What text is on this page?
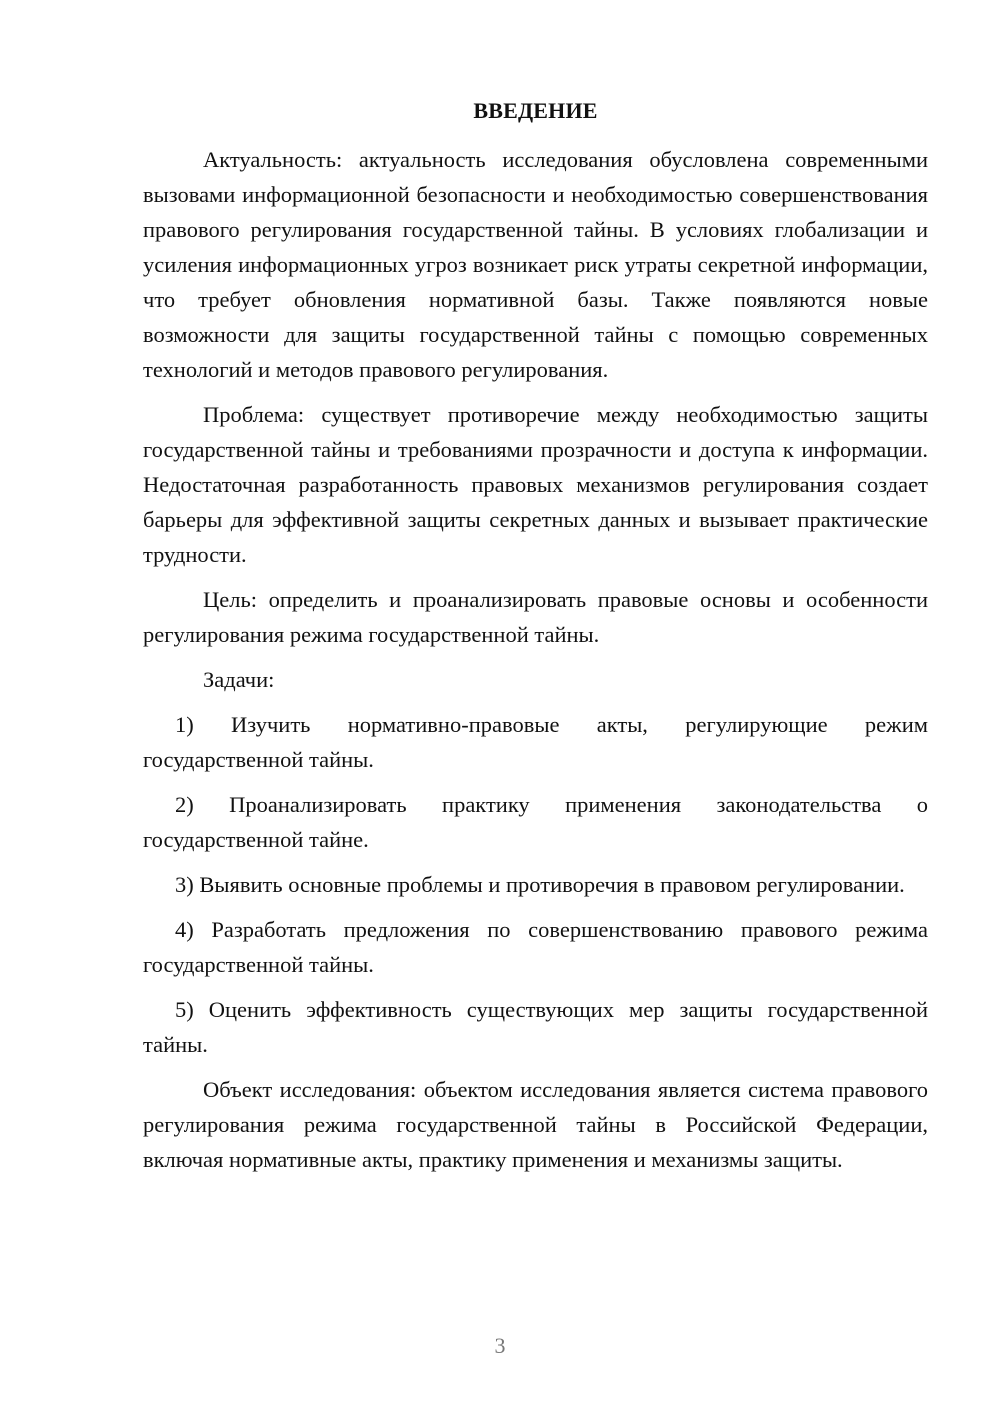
ВВЕДЕНИЕ

Актуальность: актуальность исследования обусловлена современными вызовами информационной безопасности и необходимостью совершенствования правового регулирования государственной тайны. В условиях глобализации и усиления информационных угроз возникает риск утраты секретной информации, что требует обновления нормативной базы. Также появляются новые возможности для защиты государственной тайны с помощью современных технологий и методов правового регулирования.

Проблема: существует противоречие между необходимостью защиты государственной тайны и требованиями прозрачности и доступа к информации. Недостаточная разработанность правовых механизмов регулирования создает барьеры для эффективной защиты секретных данных и вызывает практические трудности.

Цель: определить и проанализировать правовые основы и особенности регулирования режима государственной тайны.

Задачи:

1) Изучить нормативно-правовые акты, регулирующие режим государственной тайны.

2) Проанализировать практику применения законодательства о государственной тайне.

3) Выявить основные проблемы и противоречия в правовом регулировании.

4) Разработать предложения по совершенствованию правового режима государственной тайны.

5) Оценить эффективность существующих мер защиты государственной тайны.

Объект исследования: объектом исследования является система правового регулирования режима государственной тайны в Российской Федерации, включая нормативные акты, практику применения и механизмы защиты.

3
